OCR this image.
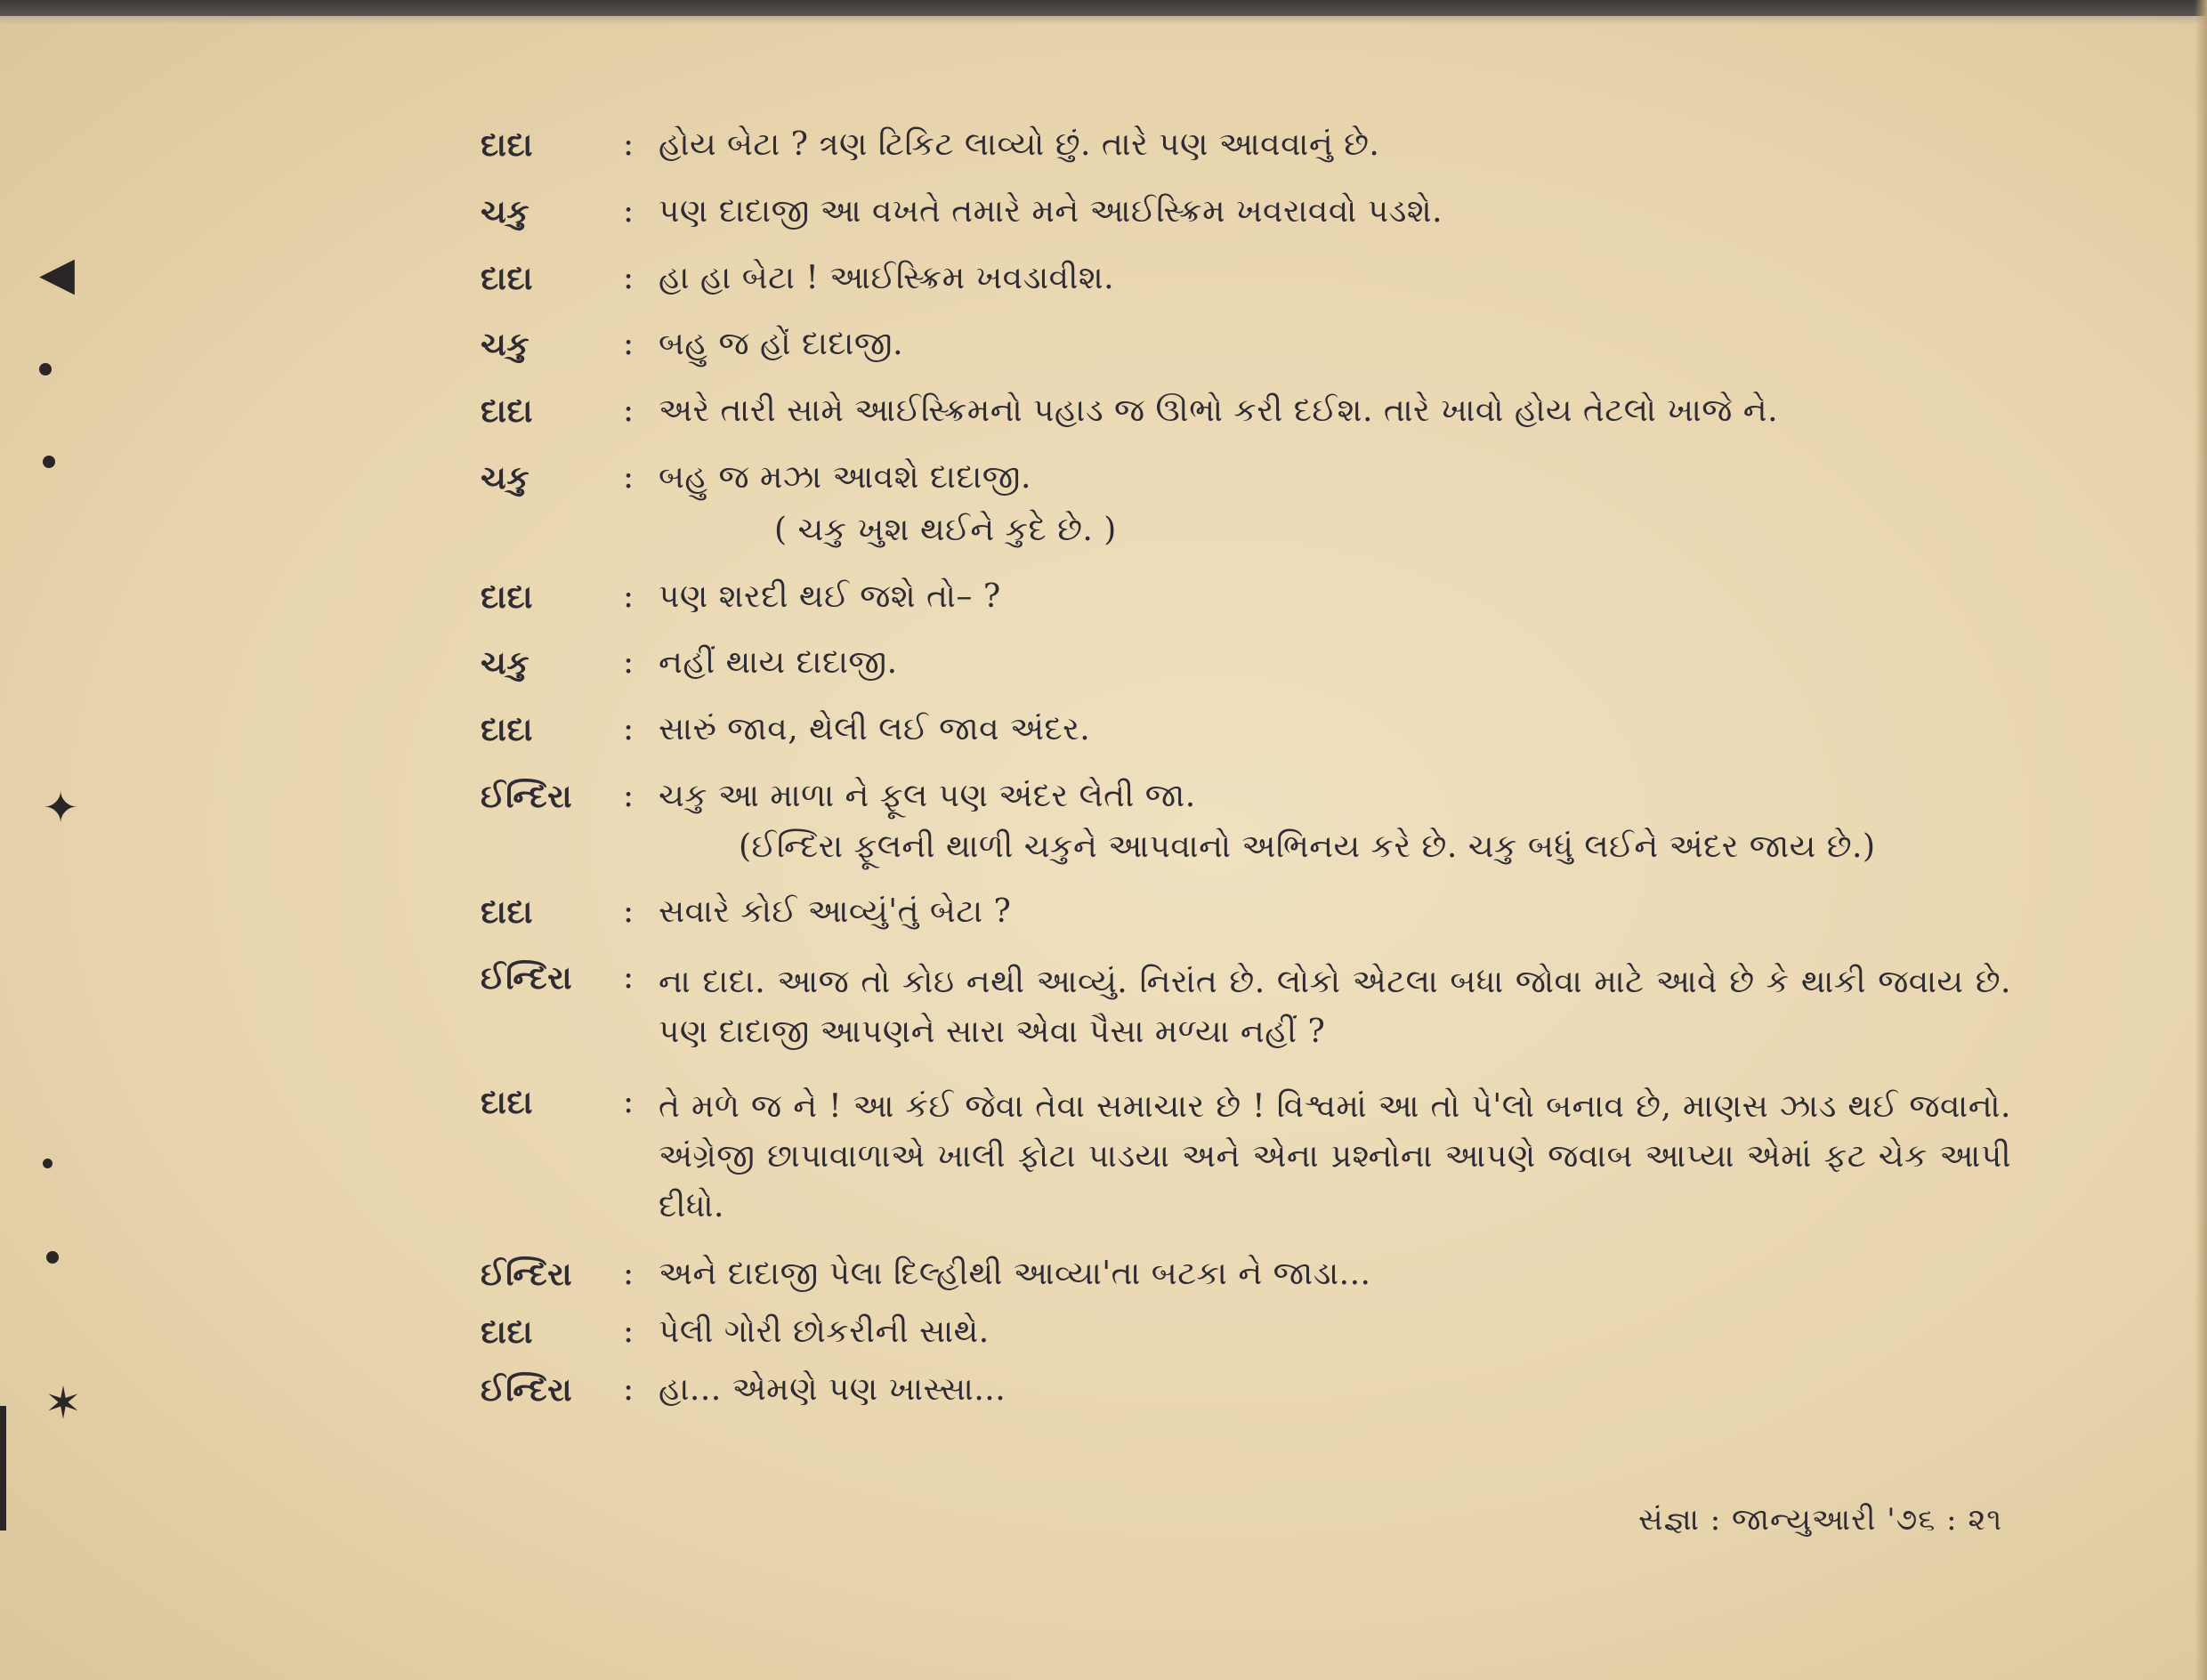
◀
✦
✶
દાદા	: હોય બેટા ? ત્રણ ટિકિટ લાવ્યો છું. તારે પણ આવવાનું છે.
ચકુ	: પણ દાદાજી આ વખતે તમારે મને આઈસ્ક્રિમ ખવરાવવો પડશે.
દાદા	: હા હા બેટા ! આઈસ્ક્રિમ ખવડાવીશ.
ચકુ	: બહુ જ હોં દાદાજી.
દાદા	: અરે તારી સામે આઈસ્ક્રિમનો પહાડ જ ઊભો કરી દઈશ. તારે ખાવો હોય તેટલો ખાજે ને.
ચકુ	: બહુ જ મઝા આવશે દાદાજી.
( ચકુ ખુશ થઈને કુદે છે. )
દાદા	: પણ શરદી થઈ જશે તો– ?
ચકુ	: નહીં થાય દાદાજી.
દાદા	: સારું જાવ, થેલી લઈ જાવ અંદર.
ઈન્દિરા	: ચકુ આ માળા ને ફૂલ પણ અંદર લેતી જા.
(ઈન્દિરા ફૂલની થાળી ચકુને આપવાનો અભિનય કરે છે. ચકુ બધું લઈને અંદર જાય છે.)
દાદા	: સવારે કોઈ આવ્યું'તું બેટા ?
ઈન્દિરા	: ના દાદા. આજ તો કોઇ નથી આવ્યું. નિરાંત છે. લોકો એટલા બધા જોવા માટે આવે છે કે થાકી જવાય છે. પણ દાદાજી આપણને સારા એવા પૈસા મળ્યા નહીં ?
દાદા	: તે મળે જ ને ! આ કંઈ જેવા તેવા સમાચાર છે ! વિશ્વમાં આ તો પે'લો બનાવ છે, માણસ ઝાડ થઈ જવાનો. અંગ્રેજી છાપાવાળાએ ખાલી ફોટા પાડયા અને એના પ્રશ્નોના આપણે જવાબ આપ્યા એમાં ફટ ચેક આપી દીધો.
ઈન્દિરા	: અને દાદાજી પેલા દિલ્હીથી આવ્યા'તા બટકા ને જાડા...
દાદા	: પેલી ગોરી છોકરીની સાથે.
ઈન્દિરા	: હા... એમણે પણ ખાસ્સા...
સંજ્ઞા : જાન્યુઆરી '૭૬ : ૨૧
